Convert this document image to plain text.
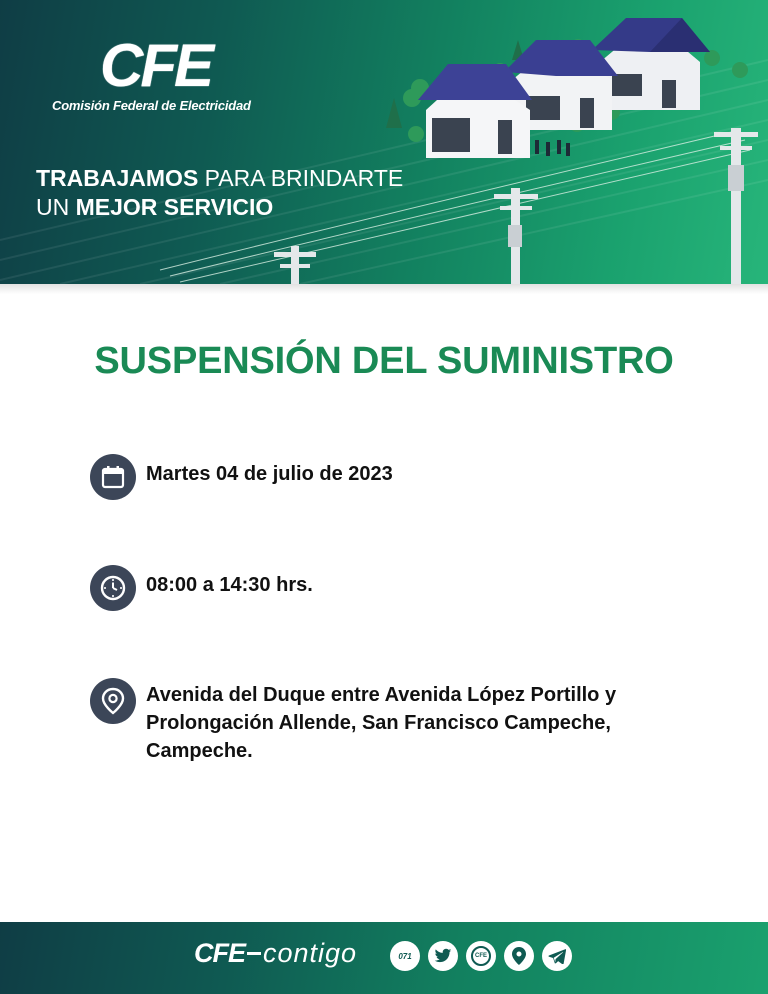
CFE
Comisión Federal de Electricidad
TRABAJAMOS PARA BRINDARTE
UN MEJOR SERVICIO
SUSPENSIÓN DEL SUMINISTRO
Martes 04 de julio de 2023
08:00 a 14:30 hrs.
Avenida del Duque entre Avenida López Portillo y
Prolongación Allende, San Francisco Campeche,
Campeche.
CFE contigo	071	CFE
